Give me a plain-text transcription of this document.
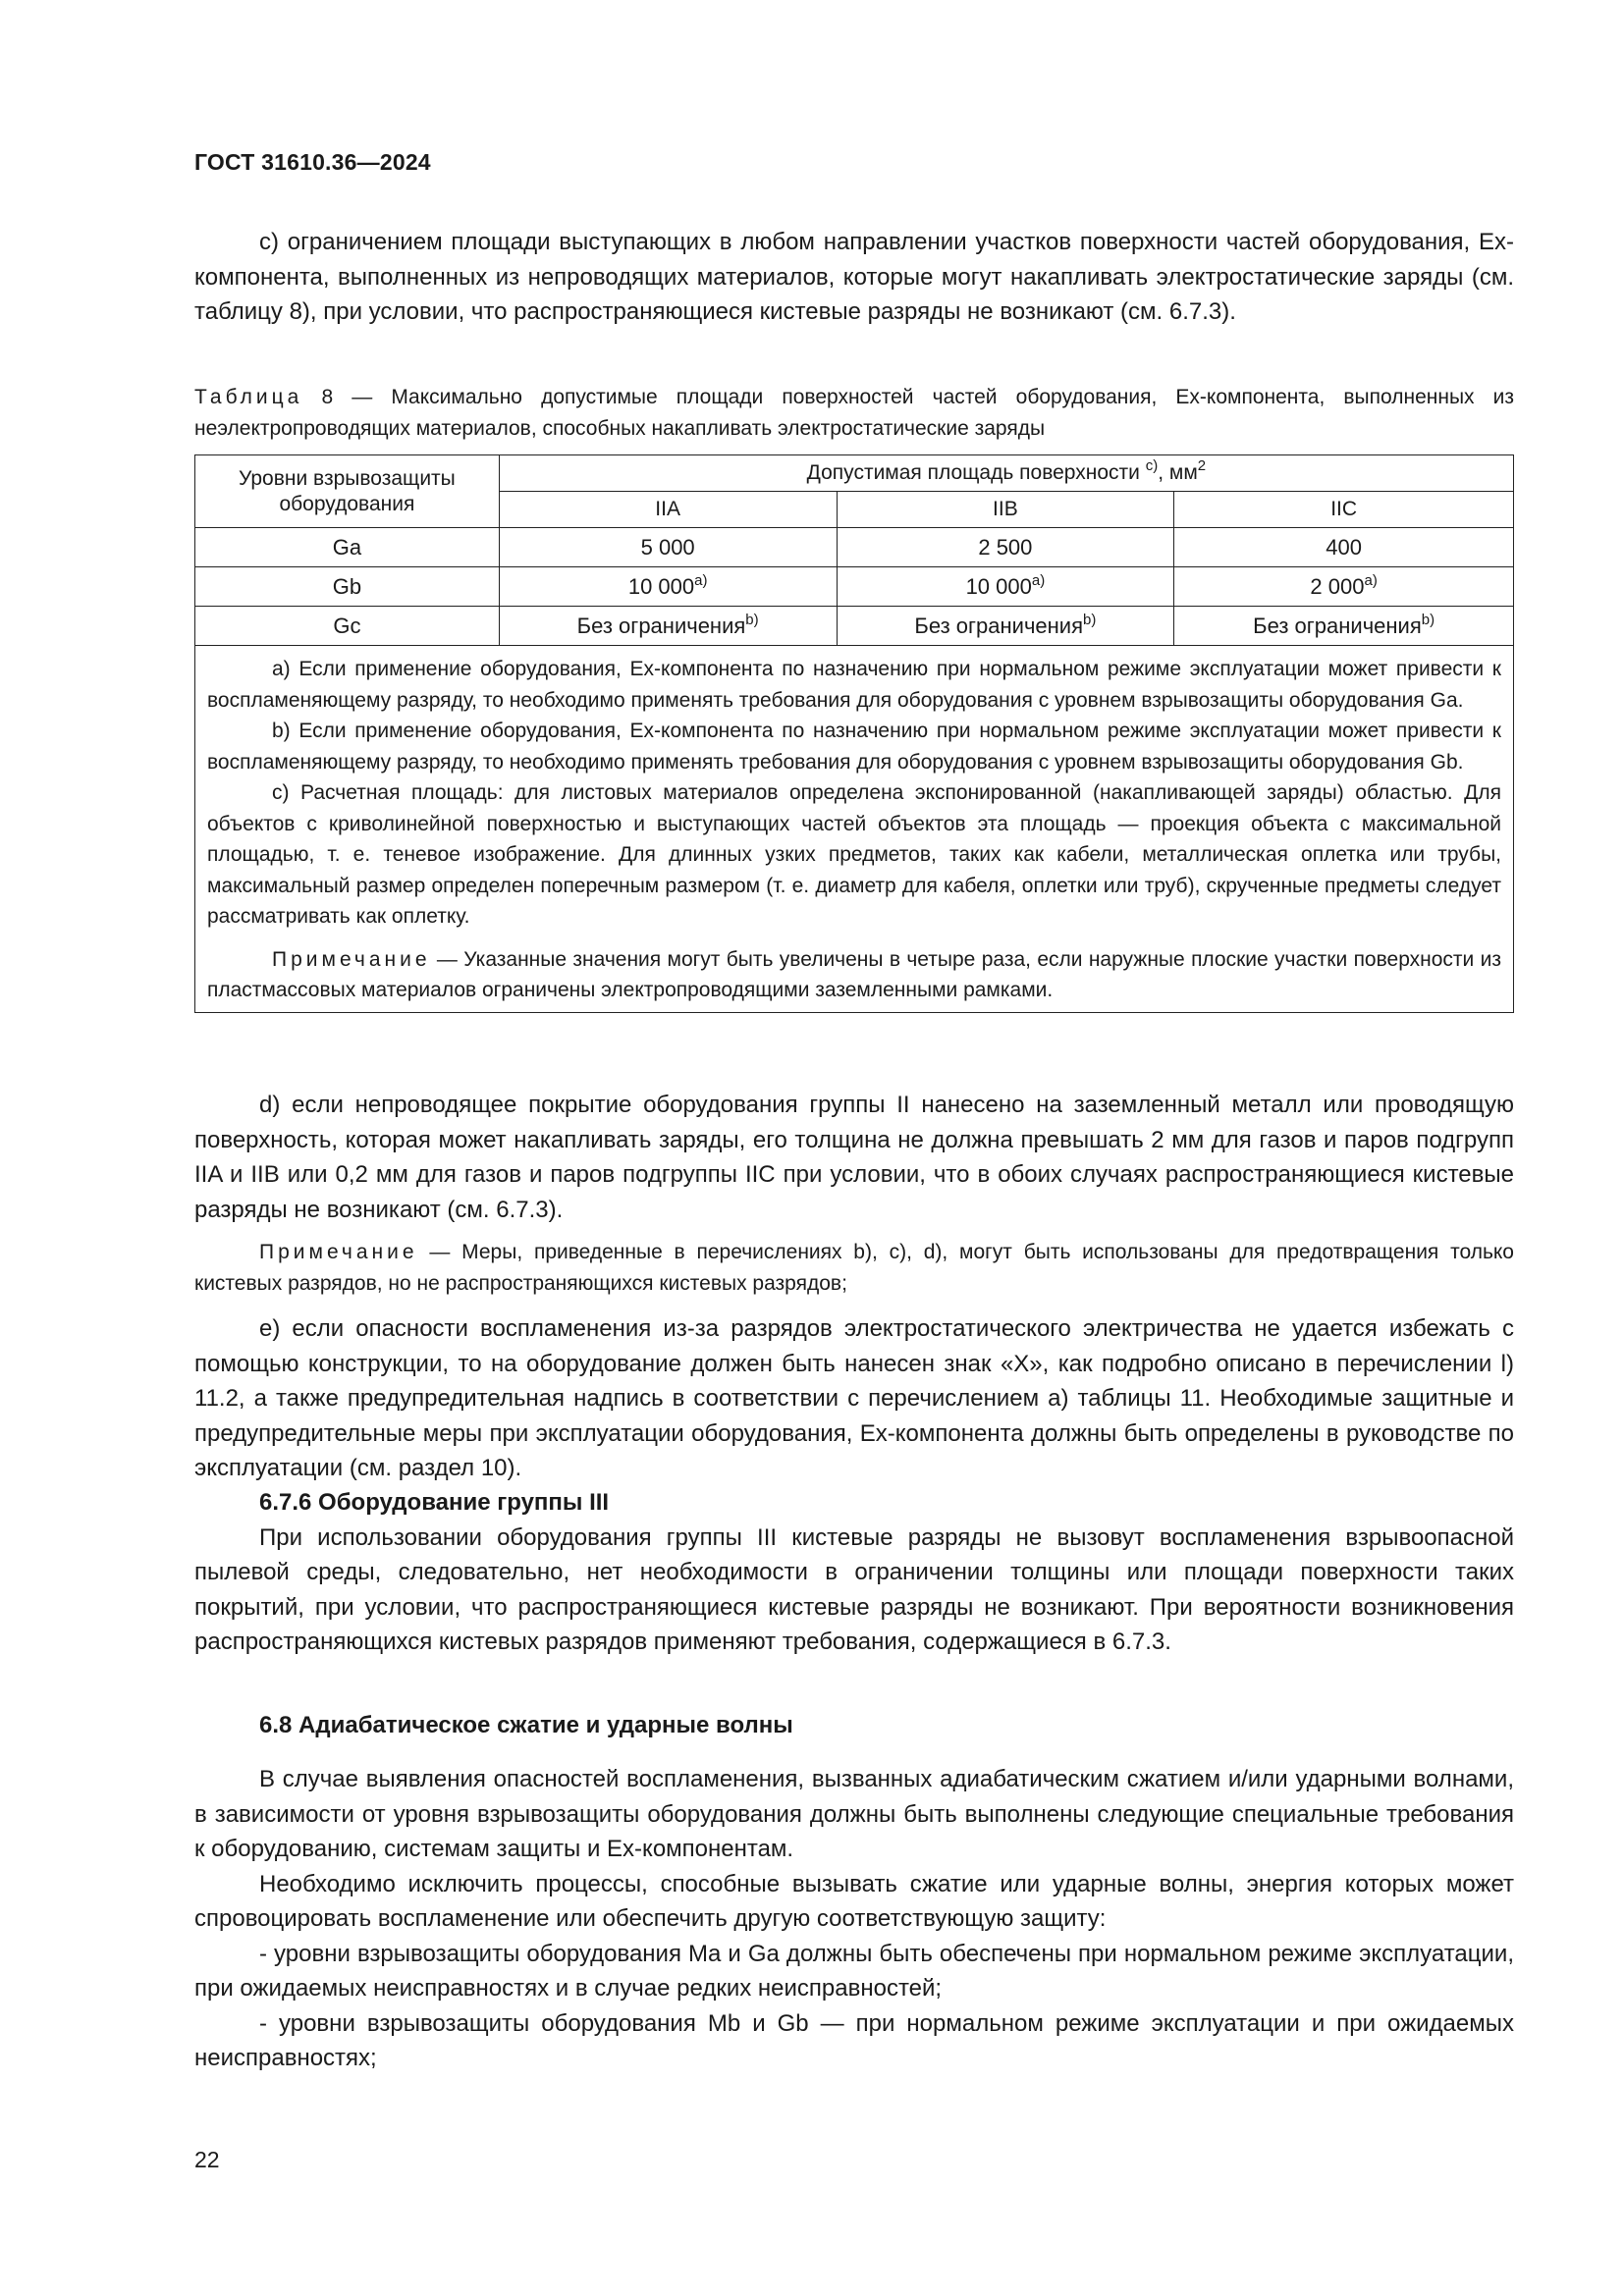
ГОСТ 31610.36—2024

c) ограничением площади выступающих в любом направлении участков поверхности частей оборудования, Ex-компонента, выполненных из непроводящих материалов, которые могут накапливать электростатические заряды (см. таблицу 8), при условии, что распространяющиеся кистевые разряды не возникают (см. 6.7.3).

Таблица 8 — Максимально допустимые площади поверхностей частей оборудования, Ex-компонента, выполненных из неэлектропроводящих материалов, способных накапливать электростатические заряды

Уровни взрывозащиты оборудования	Допустимая площадь поверхности $^{c)}$, $мм^2$
	IIA	IIB	IIC
Ga	5 000	2 500	400
Gb	10 000$^{a)}$	10 000$^{a)}$	2 000$^{a)}$
Gc	Без ограничения$^{b)}$	Без ограничения$^{b)}$	Без ограничения$^{b)}$

a) Если применение оборудования, Ex-компонента по назначению при нормальном режиме эксплуатации может привести к воспламеняющему разряду, то необходимо применять требования для оборудования с уровнем взрывозащиты оборудования Ga.

b) Если применение оборудования, Ex-компонента по назначению при нормальном режиме эксплуатации может привести к воспламеняющему разряду, то необходимо применять требования для оборудования с уровнем взрывозащиты оборудования Gb.

c) Расчетная площадь: для листовых материалов определена экспонированной (накапливающей заряды) областью. Для объектов с криволинейной поверхностью и выступающих частей объектов эта площадь — проекция объекта с максимальной площадью, т. е. теневое изображение. Для длинных узких предметов, таких как кабели, металлическая оплетка или трубы, максимальный размер определен поперечным размером (т. е. диаметр для кабеля, оплетки или труб), скрученные предметы следует рассматривать как оплетку.

Примечание — Указанные значения могут быть увеличены в четыре раза, если наружные плоские участки поверхности из пластмассовых материалов ограничены электропроводящими заземленными рамками.			

d) если непроводящее покрытие оборудования группы II нанесено на заземленный металл или проводящую поверхность, которая может накапливать заряды, его толщина не должна превышать 2 мм для газов и паров подгрупп IIA и IIB или 0,2 мм для газов и паров подгруппы IIC при условии, что в обоих случаях распространяющиеся кистевые разряды не возникают (см. 6.7.3).

Примечание — Меры, приведенные в перечислениях b), c), d), могут быть использованы для предотвращения только кистевых разрядов, но не распространяющихся кистевых разрядов;

e) если опасности воспламенения из-за разрядов электростатического электричества не удается избежать с помощью конструкции, то на оборудование должен быть нанесен знак «X», как подробно описано в перечислении l) 11.2, а также предупредительная надпись в соответствии с перечислением a) таблицы 11. Необходимые защитные и предупредительные меры при эксплуатации оборудования, Ex-компонента должны быть определены в руководстве по эксплуатации (см. раздел 10).

6.7.6 Оборудование группы III

При использовании оборудования группы III кистевые разряды не вызовут воспламенения взрывоопасной пылевой среды, следовательно, нет необходимости в ограничении толщины или площади поверхности таких покрытий, при условии, что распространяющиеся кистевые разряды не возникают. При вероятности возникновения распространяющихся кистевых разрядов применяют требования, содержащиеся в 6.7.3.

6.8 Адиабатическое сжатие и ударные волны

В случае выявления опасностей воспламенения, вызванных адиабатическим сжатием и/или ударными волнами, в зависимости от уровня взрывозащиты оборудования должны быть выполнены следующие специальные требования к оборудованию, системам защиты и Ex-компонентам.

Необходимо исключить процессы, способные вызывать сжатие или ударные волны, энергия которых может спровоцировать воспламенение или обеспечить другую соответствующую защиту:

- уровни взрывозащиты оборудования Ma и Ga должны быть обеспечены при нормальном режиме эксплуатации, при ожидаемых неисправностях и в случае редких неисправностей;

- уровни взрывозащиты оборудования Mb и Gb — при нормальном режиме эксплуатации и при ожидаемых неисправностях;

22
